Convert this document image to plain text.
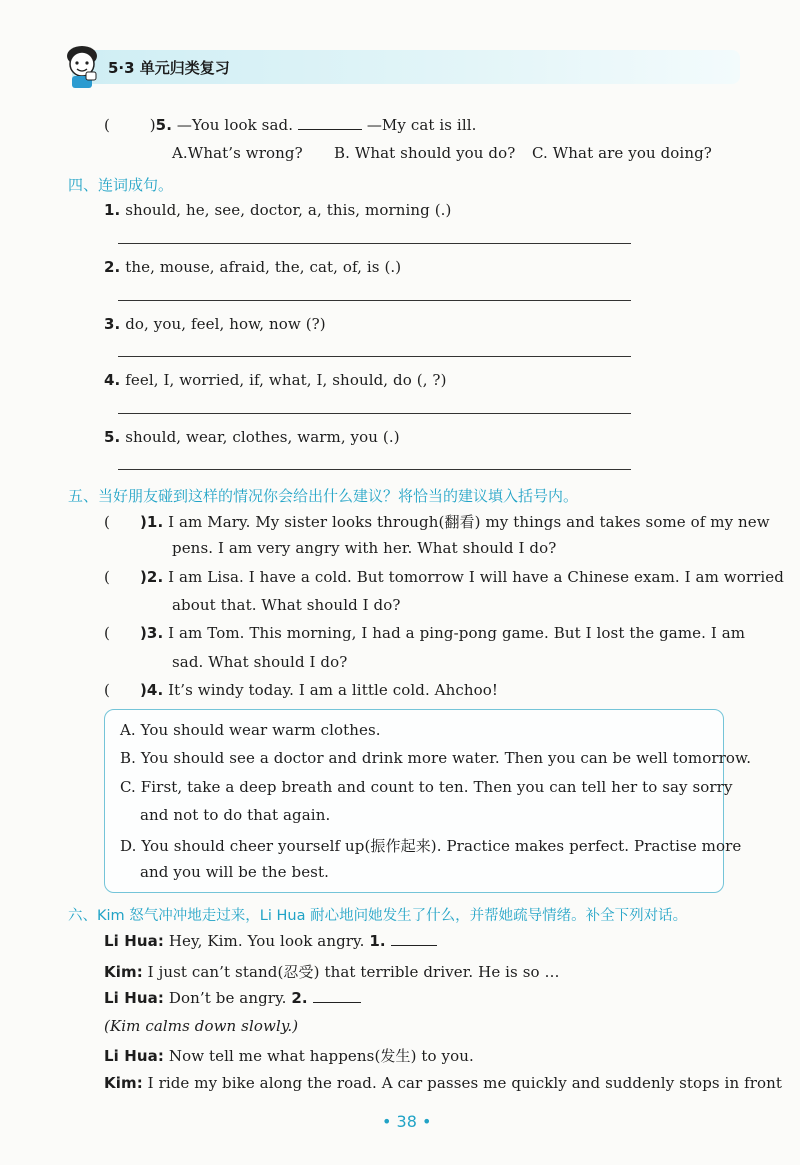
5·3 单元归类复习
(	)5. —You look sad.	—My cat is ill.
A.What’s wrong? B. What should you do? C. What are you doing?
四、连词成句。
1. should, he, see, doctor, a, this, morning (.)
2. the, mouse, afraid, the, cat, of, is (.)
3. do, you, feel, how, now (?)
4. feel, I, worried, if, what, I, should, do (, ?)
5. should, wear, clothes, warm, you (.)
五、当好朋友碰到这样的情况你会给出什么建议？将恰当的建议填入括号内。
( )1. I am Mary. My sister looks through(翻看) my things and takes some of my new
pens. I am very angry with her. What should I do?
( )2. I am Lisa. I have a cold. But tomorrow I will have a Chinese exam. I am worried
about that. What should I do?
( )3. I am Tom. This morning, I had a ping-pong game. But I lost the game. I am
sad. What should I do?
( )4. It’s windy today. I am a little cold. Ahchoo!
A. You should wear warm clothes.
B. You should see a doctor and drink more water. Then you can be well tomorrow.
C. First, take a deep breath and count to ten. Then you can tell her to say sorry
and not to do that again.
D. You should cheer yourself up(振作起来). Practice makes perfect. Practise more
and you will be the best.
六、Kim 怒气冲冲地走过来，Li Hua 耐心地问她发生了什么，并帮她疏导情绪。补全下列对话。
Li Hua: Hey, Kim. You look angry. 1.
Kim: I just can’t stand(忍受) that terrible driver. He is so …
Li Hua: Don’t be angry. 2.
(Kim calms down slowly.)
Li Hua: Now tell me what happens(发生) to you.
Kim: I ride my bike along the road. A car passes me quickly and suddenly stops in front
• 38 •
